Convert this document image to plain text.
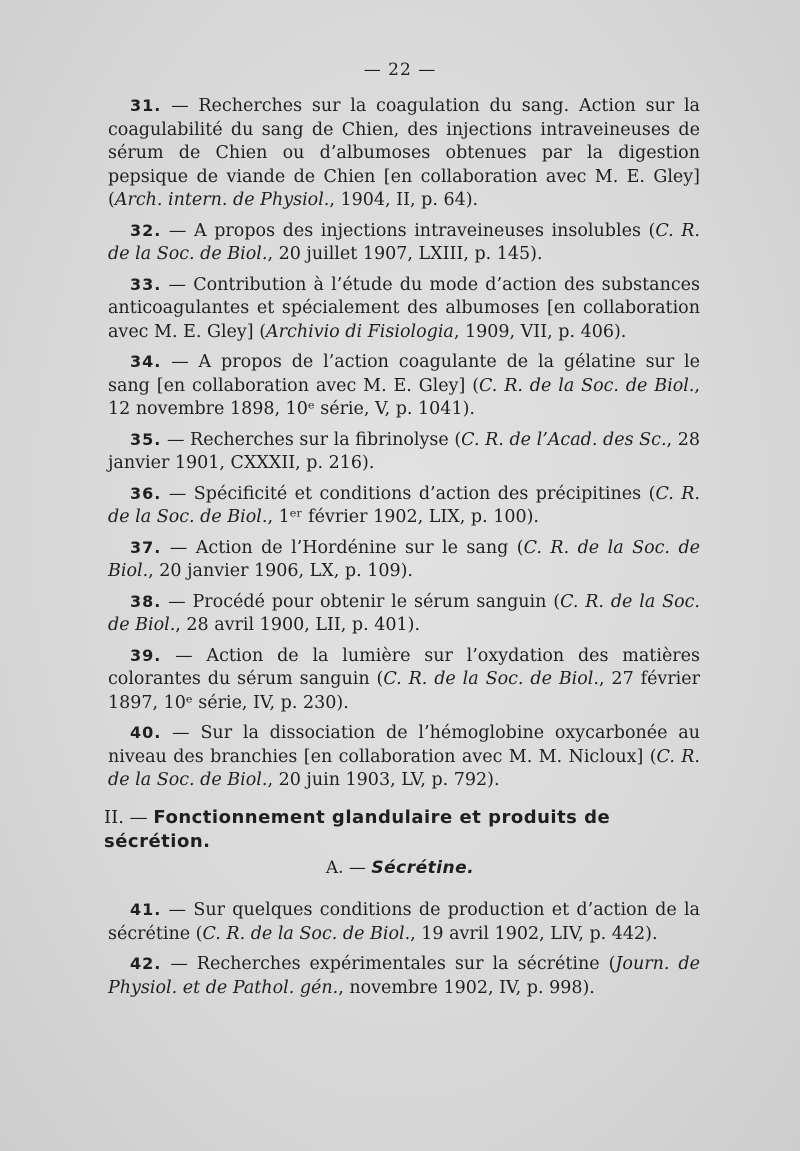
— 22 —

31. — Recherches sur la coagulation du sang. Action sur la coagulabilité du sang de Chien, des injections intraveineuses de sérum de Chien ou d’albumoses obtenues par la digestion pepsique de viande de Chien [en collaboration avec M. E. Gley] (Arch. intern. de Physiol., 1904, II, p. 64).

32. — A propos des injections intraveineuses insolubles (C. R. de la Soc. de Biol., 20 juillet 1907, LXIII, p. 145).

33. — Contribution à l’étude du mode d’action des substances anticoagulantes et spécialement des albumoses [en collaboration avec M. E. Gley] (Archivio di Fisiologia, 1909, VII, p. 406).

34. — A propos de l’action coagulante de la gélatine sur le sang [en collaboration avec M. E. Gley] (C. R. de la Soc. de Biol., 12 novembre 1898, 10ᵉ série, V, p. 1041).

35. — Recherches sur la fibrinolyse (C. R. de l’Acad. des Sc., 28 janvier 1901, CXXXII, p. 216).

36. — Spécificité et conditions d’action des précipitines (C. R. de la Soc. de Biol., 1ᵉʳ février 1902, LIX, p. 100).

37. — Action de l’Hordénine sur le sang (C. R. de la Soc. de Biol., 20 janvier 1906, LX, p. 109).

38. — Procédé pour obtenir le sérum sanguin (C. R. de la Soc. de Biol., 28 avril 1900, LII, p. 401).

39. — Action de la lumière sur l’oxydation des matières colorantes du sérum sanguin (C. R. de la Soc. de Biol., 27 février 1897, 10ᵉ série, IV, p. 230).

40. — Sur la dissociation de l’hémoglobine oxycarbonée au niveau des branchies [en collaboration avec M. M. Nicloux] (C. R. de la Soc. de Biol., 20 juin 1903, LV, p. 792).

II. — Fonctionnement glandulaire et produits de sécrétion.
A. — Sécrétine.

41. — Sur quelques conditions de production et d’action de la sécrétine (C. R. de la Soc. de Biol., 19 avril 1902, LIV, p. 442).

42. — Recherches expérimentales sur la sécrétine (Journ. de Physiol. et de Pathol. gén., novembre 1902, IV, p. 998).
